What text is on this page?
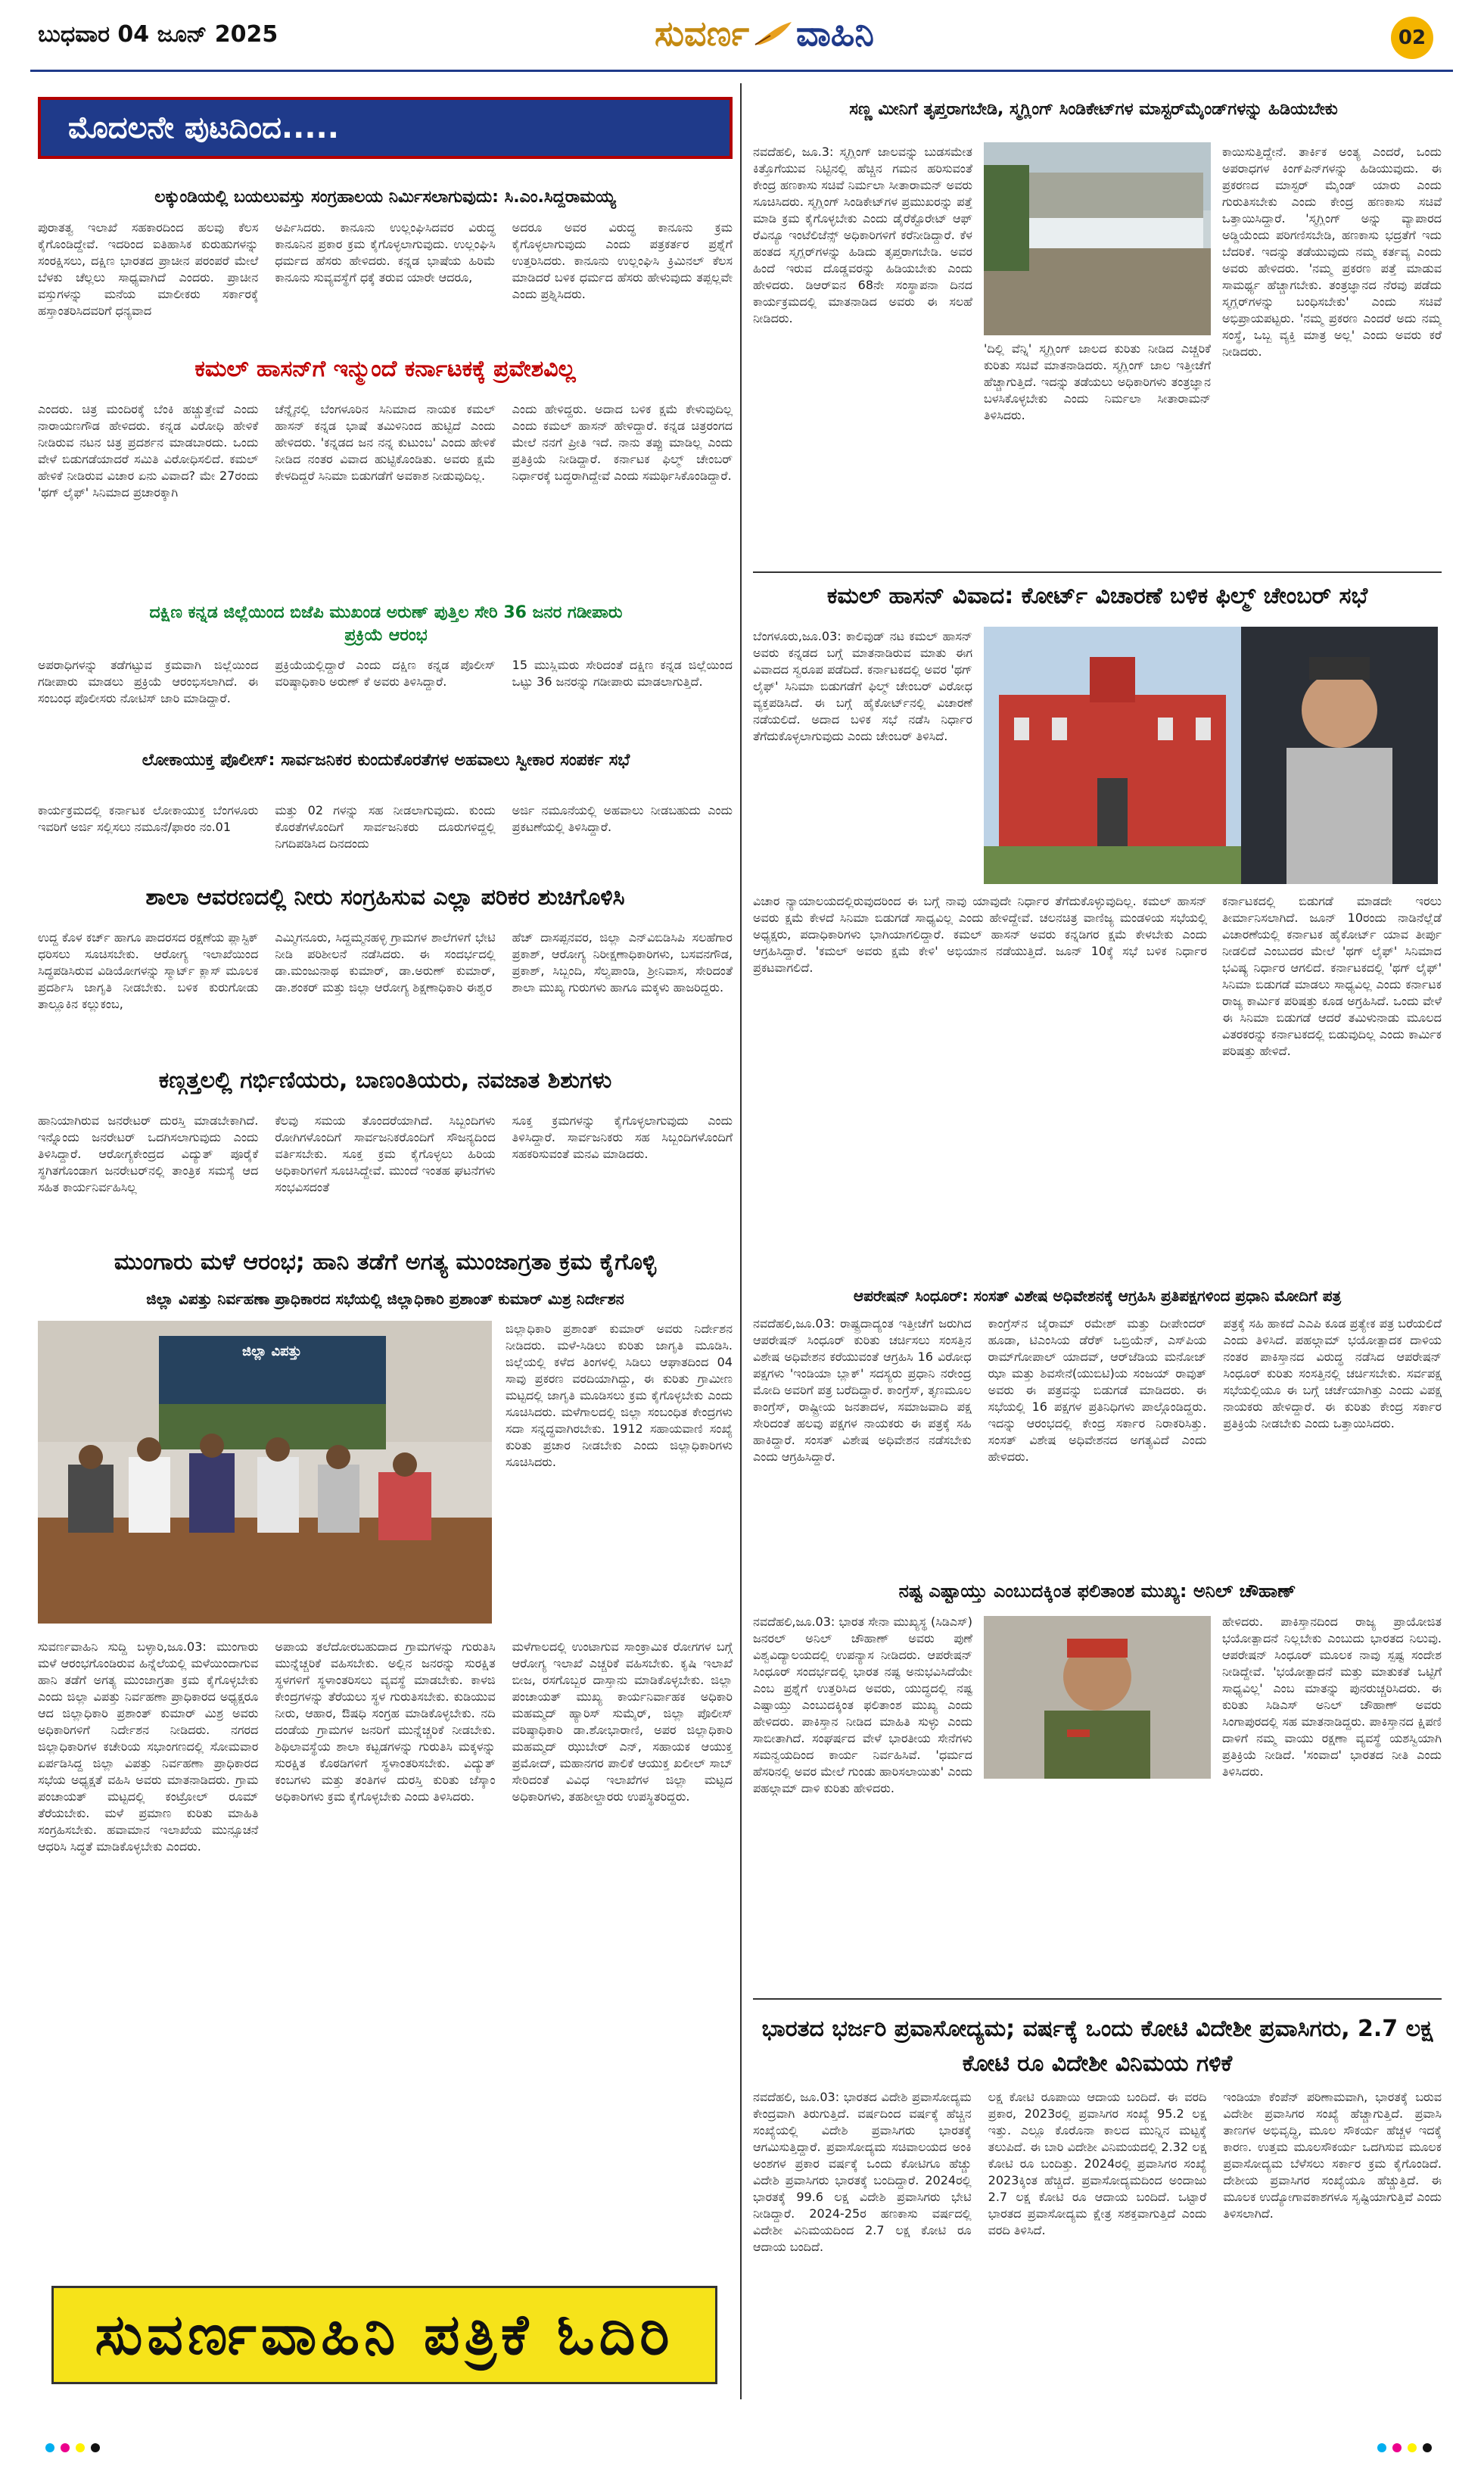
ಬುಧವಾರ 04 ಜೂನ್ 2025	ಸುವರ್ಣ ವಾಹಿನಿ	02
ಮೊದಲನೇ ಪುಟದಿಂದ.....
ಲಕ್ಕುಂಡಿಯಲ್ಲಿ ಬಯಲುವಸ್ತು ಸಂಗ್ರಹಾಲಯ ನಿರ್ಮಿಸಲಾಗುವುದು: ಸಿ.ಎಂ.ಸಿದ್ದರಾಮಯ್ಯ
ಪುರಾತತ್ವ ಇಲಾಖೆ ಸಹಕಾರದಿಂದ ಹಲವು ಕೆಲಸ ಕೈಗೊಂಡಿದ್ದೇವೆ. ಇದರಿಂದ ಐತಿಹಾಸಿಕ ಕುರುಹುಗಳನ್ನು ಸಂರಕ್ಷಿಸಲು, ದಕ್ಷಿಣ ಭಾರತದ ಪ್ರಾಚೀನ ಪರಂಪರೆ ಮೇಲೆ ಬೆಳಕು ಚೆಲ್ಲಲು ಸಾಧ್ಯವಾಗಿದೆ ಎಂದರು. ಪ್ರಾಚೀನ ವಸ್ತುಗಳನ್ನು ಮನೆಯ ಮಾಲೀಕರು ಸರ್ಕಾರಕ್ಕೆ ಹಸ್ತಾಂತರಿಸಿದವರಿಗೆ ಧನ್ಯವಾದ
ಅರ್ಪಿಸಿದರು. ಕಾನೂನು ಉಲ್ಲಂಘಿಸಿದವರ ವಿರುದ್ಧ ಕಾನೂನಿನ ಪ್ರಕಾರ ಕ್ರಮ ಕೈಗೊಳ್ಳಲಾಗುವುದು. ಉಲ್ಲಂಘಿಸಿ ಧರ್ಮದ ಹೆಸರು ಹೇಳಿದರು. ಕನ್ನಡ ಭಾಷೆಯ ಹಿರಿಮೆ ಕಾನೂನು ಸುವ್ಯವಸ್ಥೆಗೆ ಧಕ್ಕೆ ತರುವ ಯಾರೇ ಆದರೂ,
ಅದರೂ ಅವರ ವಿರುದ್ಧ ಕಾನೂನು ಕ್ರಮ ಕೈಗೊಳ್ಳಲಾಗುವುದು ಎಂದು ಪತ್ರಕರ್ತರ ಪ್ರಶ್ನೆಗೆ ಉತ್ತರಿಸಿದರು. ಕಾನೂನು ಉಲ್ಲಂಘಿಸಿ ಕ್ರಿಮಿನಲ್ ಕೆಲಸ ಮಾಡಿದರೆ ಬಳಿಕ ಧರ್ಮದ ಹೆಸರು ಹೇಳುವುದು ತಪ್ಪಲ್ಲವೇ ಎಂದು ಪ್ರಶ್ನಿಸಿದರು.
ಕಮಲ್ ಹಾಸನ್‌ಗೆ ಇನ್ಮುಂದೆ ಕರ್ನಾಟಕಕ್ಕೆ ಪ್ರವೇಶವಿಲ್ಲ
ಎಂದರು. ಚಿತ್ರ ಮಂದಿರಕ್ಕೆ ಬೆಂಕಿ ಹಚ್ಚುತ್ತೇವೆ ಎಂದು ನಾರಾಯಣಗೌಡ ಹೇಳಿದರು. ಕನ್ನಡ ವಿರೋಧಿ ಹೇಳಿಕೆ ನೀಡಿರುವ ನಟನ ಚಿತ್ರ ಪ್ರದರ್ಶನ ಮಾಡಬಾರದು. ಒಂದು ವೇಳೆ ಬಿಡುಗಡೆಯಾದರೆ ಸಮಿತಿ ವಿರೋಧಿಸಲಿದೆ. ಕಮಲ್ ಹೇಳಿಕೆ ನೀಡಿರುವ ವಿಚಾರ ಏನು ವಿವಾದ? ಮೇ 27ರಂದು 'ಥಗ್ ಲೈಫ್' ಸಿನಿಮಾದ ಪ್ರಚಾರಕ್ಕಾಗಿ
ಚೆನ್ನೈನಲ್ಲಿ ಬೆಂಗಳೂರಿನ ಸಿನಿಮಾದ ನಾಯಕ ಕಮಲ್ ಹಾಸನ್ ಕನ್ನಡ ಭಾಷೆ ತಮಿಳಿನಿಂದ ಹುಟ್ಟಿದೆ ಎಂದು ಹೇಳಿದರು. 'ಕನ್ನಡದ ಜನ ನನ್ನ ಕುಟುಂಬ' ಎಂದು ಹೇಳಿಕೆ ನೀಡಿದ ನಂತರ ವಿವಾದ ಹುಟ್ಟಿಕೊಂಡಿತು. ಅವರು ಕ್ಷಮೆ ಕೇಳದಿದ್ದರೆ ಸಿನಿಮಾ ಬಿಡುಗಡೆಗೆ ಅವಕಾಶ ನೀಡುವುದಿಲ್ಲ.
ಎಂದು ಹೇಳಿದ್ದರು. ಅದಾದ ಬಳಿಕ ಕ್ಷಮೆ ಕೇಳುವುದಿಲ್ಲ ಎಂದು ಕಮಲ್ ಹಾಸನ್ ಹೇಳಿದ್ದಾರೆ. ಕನ್ನಡ ಚಿತ್ರರಂಗದ ಮೇಲೆ ನನಗೆ ಪ್ರೀತಿ ಇದೆ. ನಾನು ತಪ್ಪು ಮಾಡಿಲ್ಲ ಎಂದು ಪ್ರತಿಕ್ರಿಯೆ ನೀಡಿದ್ದಾರೆ. ಕರ್ನಾಟಕ ಫಿಲ್ಮ್ ಚೇಂಬರ್ ನಿರ್ಧಾರಕ್ಕೆ ಬದ್ಧರಾಗಿದ್ದೇವೆ ಎಂದು ಸಮರ್ಥಿಸಿಕೊಂಡಿದ್ದಾರೆ.
ದಕ್ಷಿಣ ಕನ್ನಡ ಜಿಲ್ಲೆಯಿಂದ ಬಿಜೆಪಿ ಮುಖಂಡ ಅರುಣ್ ಪುತ್ತಿಲ ಸೇರಿ 36 ಜನರ ಗಡೀಪಾರು ಪ್ರಕ್ರಿಯೆ ಆರಂಭ
ಅಪರಾಧಿಗಳನ್ನು ತಡೆಗಟ್ಟುವ ಕ್ರಮವಾಗಿ ಜಿಲ್ಲೆಯಿಂದ ಗಡೀಪಾರು ಮಾಡಲು ಪ್ರಕ್ರಿಯೆ ಆರಂಭಿಸಲಾಗಿದೆ. ಈ ಸಂಬಂಧ ಪೊಲೀಸರು ನೋಟಿಸ್ ಜಾರಿ ಮಾಡಿದ್ದಾರೆ.
ಪ್ರಕ್ರಿಯೆಯಲ್ಲಿದ್ದಾರೆ ಎಂದು ದಕ್ಷಿಣ ಕನ್ನಡ ಪೊಲೀಸ್ ವರಿಷ್ಠಾಧಿಕಾರಿ ಅರುಣ್ ಕೆ ಅವರು ತಿಳಿಸಿದ್ದಾರೆ.
15 ಮುಸ್ಲಿಮರು ಸೇರಿದಂತೆ ದಕ್ಷಿಣ ಕನ್ನಡ ಜಿಲ್ಲೆಯಿಂದ ಒಟ್ಟು 36 ಜನರನ್ನು ಗಡೀಪಾರು ಮಾಡಲಾಗುತ್ತಿದೆ.
ಲೋಕಾಯುಕ್ತ ಪೊಲೀಸ್: ಸಾರ್ವಜನಿಕರ ಕುಂದುಕೊರತೆಗಳ ಅಹವಾಲು ಸ್ವೀಕಾರ ಸಂಪರ್ಕ ಸಭೆ
ಕಾರ್ಯಕ್ರಮದಲ್ಲಿ ಕರ್ನಾಟಕ ಲೋಕಾಯುಕ್ತ ಬೆಂಗಳೂರು ಇವರಿಗೆ ಅರ್ಜಿ ಸಲ್ಲಿಸಲು ನಮೂನೆ/ಫಾರಂ ನಂ.01
ಮತ್ತು 02 ಗಳನ್ನು ಸಹ ನೀಡಲಾಗುವುದು. ಕುಂದು ಕೊರತೆಗಳೊಂದಿಗೆ ಸಾರ್ವಜನಿಕರು ದೂರುಗಳಿದ್ದಲ್ಲಿ ನಿಗದಿಪಡಿಸಿದ ದಿನದಂದು
ಅರ್ಜಿ ನಮೂನೆಯಲ್ಲಿ ಅಹವಾಲು ನೀಡಬಹುದು ಎಂದು ಪ್ರಕಟಣೆಯಲ್ಲಿ ತಿಳಿಸಿದ್ದಾರೆ.
ಶಾಲಾ ಆವರಣದಲ್ಲಿ ನೀರು ಸಂಗ್ರಹಿಸುವ ಎಲ್ಲಾ ಪರಿಕರ ಶುಚಿಗೊಳಿಸಿ
ಉದ್ದ ಕೊಳ ಕರ್ಚ್ ಹಾಗೂ ಪಾದರಸದ ರಕ್ಷಣೆಯ ಪ್ಲಾಸ್ಟಿಕ್ ಧರಿಸಲು ಸೂಚಿಸಬೇಕು. ಆರೋಗ್ಯ ಇಲಾಖೆಯಿಂದ ಸಿದ್ಧಪಡಿಸಿರುವ ವಿಡಿಯೋಗಳನ್ನು ಸ್ಮಾರ್ಟ್ ಕ್ಲಾಸ್ ಮೂಲಕ ಪ್ರದರ್ಶಿಸಿ ಜಾಗೃತಿ ನೀಡಬೇಕು. ಬಳಿಕ ಕುರುಗೋಡು ತಾಲ್ಲೂಕಿನ ಕಲ್ಲುಕಂಬ,
ಎಮ್ಮಿಗನೂರು, ಸಿದ್ದಮ್ಮನಹಳ್ಳಿ ಗ್ರಾಮಗಳ ಶಾಲೆಗಳಿಗೆ ಭೇಟಿ ನೀಡಿ ಪರಿಶೀಲನೆ ನಡೆಸಿದರು. ಈ ಸಂದರ್ಭದಲ್ಲಿ ಡಾ.ಮಂಜುನಾಥ ಕುಮಾರ್, ಡಾ.ಅರುಣ್ ಕುಮಾರ್, ಡಾ.ಶಂಕರ್ ಮತ್ತು ಜಿಲ್ಲಾ ಆರೋಗ್ಯ ಶಿಕ್ಷಣಾಧಿಕಾರಿ ಈಶ್ವರ
ಹೆಚ್ ದಾಸಪ್ಪನವರ, ಜಿಲ್ಲಾ ಎನ್‌ವಿಬಿಡಿಸಿಪಿ ಸಲಹೆಗಾರ ಪ್ರಕಾಶ್, ಆರೋಗ್ಯ ನಿರೀಕ್ಷಣಾಧಿಕಾರಿಗಳು, ಬಸವನಗೌಡ, ಪ್ರಕಾಶ್, ಸಿಬ್ಬಂದಿ, ಸೆಲ್ವಪಾಂಡಿ, ಶ್ರೀನಿವಾಸ, ಸೇರಿದಂತೆ ಶಾಲಾ ಮುಖ್ಯ ಗುರುಗಳು ಹಾಗೂ ಮಕ್ಕಳು ಹಾಜರಿದ್ದರು.
ಕಣ್ಗತ್ತಲಲ್ಲಿ ಗರ್ಭಿಣಿಯರು, ಬಾಣಂತಿಯರು, ನವಜಾತ ಶಿಶುಗಳು
ಹಾನಿಯಾಗಿರುವ ಜನರೇಟರ್ ದುರಸ್ತಿ ಮಾಡಬೇಕಾಗಿದೆ. ಇನ್ನೊಂದು ಜನರೇಟರ್ ಒದಗಿಸಲಾಗುವುದು ಎಂದು ತಿಳಿಸಿದ್ದಾರೆ. ಆರೋಗ್ಯಕೇಂದ್ರದ ವಿದ್ಯುತ್ ಪೂರೈಕೆ ಸ್ಥಗಿತಗೊಂಡಾಗ ಜನರೇಟರ್‌ನಲ್ಲಿ ತಾಂತ್ರಿಕ ಸಮಸ್ಯೆ ಆದ ಸಹಿತ ಕಾರ್ಯನಿರ್ವಹಿಸಿಲ್ಲ
ಕೆಲವು ಸಮಯ ತೊಂದರೆಯಾಗಿದೆ. ಸಿಬ್ಬಂದಿಗಳು ರೋಗಿಗಳೊಂದಿಗೆ ಸಾರ್ವಜನಿಕರೊಂದಿಗೆ ಸೌಜನ್ಯದಿಂದ ವರ್ತಿಸಬೇಕು. ಸೂಕ್ತ ಕ್ರಮ ಕೈಗೊಳ್ಳಲು ಹಿರಿಯ ಅಧಿಕಾರಿಗಳಿಗೆ ಸೂಚಿಸಿದ್ದೇವೆ. ಮುಂದೆ ಇಂತಹ ಘಟನೆಗಳು ಸಂಭವಿಸದಂತೆ
ಸೂಕ್ತ ಕ್ರಮಗಳನ್ನು ಕೈಗೊಳ್ಳಲಾಗುವುದು ಎಂದು ತಿಳಿಸಿದ್ದಾರೆ. ಸಾರ್ವಜನಿಕರು ಸಹ ಸಿಬ್ಬಂದಿಗಳೊಂದಿಗೆ ಸಹಕರಿಸುವಂತೆ ಮನವಿ ಮಾಡಿದರು.
ಮುಂಗಾರು ಮಳೆ ಆರಂಭ; ಹಾನಿ ತಡೆಗೆ ಅಗತ್ಯ ಮುಂಜಾಗ್ರತಾ ಕ್ರಮ ಕೈಗೊಳ್ಳಿ
ಜಿಲ್ಲಾ ವಿಪತ್ತು ನಿರ್ವಹಣಾ ಪ್ರಾಧಿಕಾರದ ಸಭೆಯಲ್ಲಿ ಜಿಲ್ಲಾಧಿಕಾರಿ ಪ್ರಶಾಂತ್ ಕುಮಾರ್ ಮಿಶ್ರ ನಿರ್ದೇಶನ
ಜಿಲ್ಲಾ ವಿಪತ್ತು
ಜಿಲ್ಲಾಧಿಕಾರಿ ಪ್ರಶಾಂತ್ ಕುಮಾರ್ ಅವರು ನಿರ್ದೇಶನ ನೀಡಿದರು. ಮಳೆ-ಸಿಡಿಲು ಕುರಿತು ಜಾಗೃತಿ ಮೂಡಿಸಿ. ಜಿಲ್ಲೆಯಲ್ಲಿ ಕಳೆದ ತಿಂಗಳಲ್ಲಿ ಸಿಡಿಲು ಆಘಾತದಿಂದ 04 ಸಾವು ಪ್ರಕರಣ ವರದಿಯಾಗಿದ್ದು, ಈ ಕುರಿತು ಗ್ರಾಮೀಣ ಮಟ್ಟದಲ್ಲಿ ಜಾಗೃತಿ ಮೂಡಿಸಲು ಕ್ರಮ ಕೈಗೊಳ್ಳಬೇಕು ಎಂದು ಸೂಚಿಸಿದರು. ಮಳೆಗಾಲದಲ್ಲಿ ಜಿಲ್ಲಾ ಸಂಬಂಧಿತ ಕೇಂದ್ರಗಳು ಸದಾ ಸನ್ನದ್ಧವಾಗಿರಬೇಕು. 1912 ಸಹಾಯವಾಣಿ ಸಂಖ್ಯೆ ಕುರಿತು ಪ್ರಚಾರ ನೀಡಬೇಕು ಎಂದು ಜಿಲ್ಲಾಧಿಕಾರಿಗಳು ಸೂಚಿಸಿದರು.
ಸುವರ್ಣವಾಹಿನಿ ಸುದ್ದಿ ಬಳ್ಳಾರಿ,ಜೂ.03: ಮುಂಗಾರು ಮಳೆ ಆರಂಭಗೊಂಡಿರುವ ಹಿನ್ನೆಲೆಯಲ್ಲಿ ಮಳೆಯಿಂದಾಗುವ ಹಾನಿ ತಡೆಗೆ ಅಗತ್ಯ ಮುಂಜಾಗ್ರತಾ ಕ್ರಮ ಕೈಗೊಳ್ಳಬೇಕು ಎಂದು ಜಿಲ್ಲಾ ವಿಪತ್ತು ನಿರ್ವಹಣಾ ಪ್ರಾಧಿಕಾರದ ಅಧ್ಯಕ್ಷರೂ ಆದ ಜಿಲ್ಲಾಧಿಕಾರಿ ಪ್ರಶಾಂತ್ ಕುಮಾರ್ ಮಿಶ್ರ ಅವರು ಅಧಿಕಾರಿಗಳಿಗೆ ನಿರ್ದೇಶನ ನೀಡಿದರು. ನಗರದ ಜಿಲ್ಲಾಧಿಕಾರಿಗಳ ಕಚೇರಿಯ ಸಭಾಂಗಣದಲ್ಲಿ ಸೋಮವಾರ ಏರ್ಪಡಿಸಿದ್ದ ಜಿಲ್ಲಾ ವಿಪತ್ತು ನಿರ್ವಹಣಾ ಪ್ರಾಧಿಕಾರದ ಸಭೆಯ ಅಧ್ಯಕ್ಷತೆ ವಹಿಸಿ ಅವರು ಮಾತನಾಡಿದರು. ಗ್ರಾಮ ಪಂಚಾಯತ್ ಮಟ್ಟದಲ್ಲಿ ಕಂಟ್ರೋಲ್ ರೂಮ್ ತೆರೆಯಬೇಕು. ಮಳೆ ಪ್ರಮಾಣ ಕುರಿತು ಮಾಹಿತಿ ಸಂಗ್ರಹಿಸಬೇಕು. ಹವಾಮಾನ ಇಲಾಖೆಯ ಮುನ್ಸೂಚನೆ ಆಧರಿಸಿ ಸಿದ್ಧತೆ ಮಾಡಿಕೊಳ್ಳಬೇಕು ಎಂದರು.
ಅಪಾಯ ತಲೆದೋರಬಹುದಾದ ಗ್ರಾಮಗಳನ್ನು ಗುರುತಿಸಿ ಮುನ್ನೆಚ್ಚರಿಕೆ ವಹಿಸಬೇಕು. ಅಲ್ಲಿನ ಜನರನ್ನು ಸುರಕ್ಷಿತ ಸ್ಥಳಗಳಿಗೆ ಸ್ಥಳಾಂತರಿಸಲು ವ್ಯವಸ್ಥೆ ಮಾಡಬೇಕು. ಕಾಳಜಿ ಕೇಂದ್ರಗಳನ್ನು ತೆರೆಯಲು ಸ್ಥಳ ಗುರುತಿಸಬೇಕು. ಕುಡಿಯುವ ನೀರು, ಆಹಾರ, ಔಷಧಿ ಸಂಗ್ರಹ ಮಾಡಿಕೊಳ್ಳಬೇಕು. ನದಿ ದಂಡೆಯ ಗ್ರಾಮಗಳ ಜನರಿಗೆ ಮುನ್ನೆಚ್ಚರಿಕೆ ನೀಡಬೇಕು. ಶಿಥಿಲಾವಸ್ಥೆಯ ಶಾಲಾ ಕಟ್ಟಡಗಳನ್ನು ಗುರುತಿಸಿ ಮಕ್ಕಳನ್ನು ಸುರಕ್ಷಿತ ಕೊಠಡಿಗಳಿಗೆ ಸ್ಥಳಾಂತರಿಸಬೇಕು. ವಿದ್ಯುತ್ ಕಂಬಗಳು ಮತ್ತು ತಂತಿಗಳ ದುರಸ್ತಿ ಕುರಿತು ಜೆಸ್ಕಾಂ ಅಧಿಕಾರಿಗಳು ಕ್ರಮ ಕೈಗೊಳ್ಳಬೇಕು ಎಂದು ತಿಳಿಸಿದರು.
ಮಳೆಗಾಲದಲ್ಲಿ ಉಂಟಾಗುವ ಸಾಂಕ್ರಾಮಿಕ ರೋಗಗಳ ಬಗ್ಗೆ ಆರೋಗ್ಯ ಇಲಾಖೆ ಎಚ್ಚರಿಕೆ ವಹಿಸಬೇಕು. ಕೃಷಿ ಇಲಾಖೆ ಬೀಜ, ರಸಗೊಬ್ಬರ ದಾಸ್ತಾನು ಮಾಡಿಕೊಳ್ಳಬೇಕು. ಜಿಲ್ಲಾ ಪಂಚಾಯತ್ ಮುಖ್ಯ ಕಾರ್ಯನಿರ್ವಾಹಕ ಅಧಿಕಾರಿ ಮಹಮ್ಮದ್ ಹ್ಯಾರಿಸ್ ಸುಮೈರ್, ಜಿಲ್ಲಾ ಪೊಲೀಸ್ ವರಿಷ್ಠಾಧಿಕಾರಿ ಡಾ.ಶೋಭಾರಾಣಿ, ಅಪರ ಜಿಲ್ಲಾಧಿಕಾರಿ ಮಹಮ್ಮದ್ ಝುಬೇರ್ ಎನ್, ಸಹಾಯಕ ಆಯುಕ್ತ ಪ್ರಮೋದ್, ಮಹಾನಗರ ಪಾಲಿಕೆ ಆಯುಕ್ತ ಖಲೀಲ್ ಸಾಬ್ ಸೇರಿದಂತೆ ವಿವಿಧ ಇಲಾಖೆಗಳ ಜಿಲ್ಲಾ ಮಟ್ಟದ ಅಧಿಕಾರಿಗಳು, ತಹಶೀಲ್ದಾರರು ಉಪಸ್ಥಿತರಿದ್ದರು.
ಸುವರ್ಣವಾಹಿನಿ ಪತ್ರಿಕೆ ಓದಿರಿ
ಸಣ್ಣ ಮೀನಿಗೆ ತೃಪ್ತರಾಗಬೇಡಿ, ಸ್ಮಗ್ಲಿಂಗ್ ಸಿಂಡಿಕೇಟ್‌ಗಳ ಮಾಸ್ಟರ್‌ಮೈಂಡ್‌ಗಳನ್ನು ಹಿಡಿಯಬೇಕು
ನವದೆಹಲಿ, ಜೂ.3: ಸ್ಮಗ್ಲಿಂಗ್ ಜಾಲವನ್ನು ಬುಡಸಮೇತ ಕಿತ್ತೊಗೆಯುವ ನಿಟ್ಟಿನಲ್ಲಿ ಹೆಚ್ಚಿನ ಗಮನ ಹರಿಸುವಂತೆ ಕೇಂದ್ರ ಹಣಕಾಸು ಸಚಿವೆ ನಿರ್ಮಲಾ ಸೀತಾರಾಮನ್ ಅವರು ಸೂಚಿಸಿದರು. ಸ್ಮಗ್ಲಿಂಗ್ ಸಿಂಡಿಕೇಟ್‌ಗಳ ಪ್ರಮುಖರನ್ನು ಪತ್ತೆ ಮಾಡಿ ಕ್ರಮ ಕೈಗೊಳ್ಳಬೇಕು ಎಂದು ಡೈರೆಕ್ಟೊರೇಟ್ ಆಫ್ ರೆವಿನ್ಯೂ ಇಂಟೆಲಿಜೆನ್ಸ್ ಅಧಿಕಾರಿಗಳಿಗೆ ಕರೆನೀಡಿದ್ದಾರೆ. ಕೆಳ ಹಂತದ ಸ್ಮಗ್ಲರ್‌ಗಳನ್ನು ಹಿಡಿದು ತೃಪ್ತರಾಗಬೇಡಿ. ಅವರ ಹಿಂದೆ ಇರುವ ದೊಡ್ಡವರನ್ನು ಹಿಡಿಯಬೇಕು ಎಂದು ಹೇಳಿದರು. ಡಿಆರ್‌ಐನ 68ನೇ ಸಂಸ್ಥಾಪನಾ ದಿನದ ಕಾರ್ಯಕ್ರಮದಲ್ಲಿ ಮಾತನಾಡಿದ ಅವರು ಈ ಸಲಹೆ ನೀಡಿದರು.
'ದಿಲ್ಲಿ ವೆನ್ನಿ' ಸ್ಮಗ್ಲಿಂಗ್ ಜಾಲದ ಕುರಿತು ನೀಡಿದ ಎಚ್ಚರಿಕೆ ಕುರಿತು ಸಚಿವೆ ಮಾತನಾಡಿದರು. ಸ್ಮಗ್ಲಿಂಗ್ ಜಾಲ ಇತ್ತೀಚೆಗೆ ಹೆಚ್ಚಾಗುತ್ತಿದೆ. ಇದನ್ನು ತಡೆಯಲು ಅಧಿಕಾರಿಗಳು ತಂತ್ರಜ್ಞಾನ ಬಳಸಿಕೊಳ್ಳಬೇಕು ಎಂದು ನಿರ್ಮಲಾ ಸೀತಾರಾಮನ್ ತಿಳಿಸಿದರು.
ಕಾಯಿಸುತ್ತಿದ್ದೇನೆ. ತಾರ್ಕಿಕ ಅಂತ್ಯ ಎಂದರೆ, ಒಂದು ಅಪರಾಧಗಳ ಕಿಂಗ್‌ಪಿನ್‌ಗಳನ್ನು ಹಿಡಿಯುವುದು. ಈ ಪ್ರಕರಣದ ಮಾಸ್ಟರ್ ಮೈಂಡ್ ಯಾರು ಎಂದು ಗುರುತಿಸಬೇಕು ಎಂದು ಕೇಂದ್ರ ಹಣಕಾಸು ಸಚಿವೆ ಒತ್ತಾಯಿಸಿದ್ದಾರೆ. 'ಸ್ಮಗ್ಲಿಂಗ್ ಅನ್ನು ವ್ಯಾಪಾರದ ಅಡ್ಡಿಯೆಂದು ಪರಿಗಣಿಸಬೇಡಿ, ಹಣಕಾಸು ಭದ್ರತೆಗೆ ಇದು ಬೆದರಿಕೆ. ಇದನ್ನು ತಡೆಯುವುದು ನಮ್ಮ ಕರ್ತವ್ಯ ಎಂದು ಅವರು ಹೇಳಿದರು. 'ನಮ್ಮ ಪ್ರಕರಣ ಪತ್ತೆ ಮಾಡುವ ಸಾಮರ್ಥ್ಯ ಹೆಚ್ಚಾಗಬೇಕು. ತಂತ್ರಜ್ಞಾನದ ನೆರವು ಪಡೆದು ಸ್ಮಗ್ಲರ್‌ಗಳನ್ನು ಬಂಧಿಸಬೇಕು' ಎಂದು ಸಚಿವೆ ಅಭಿಪ್ರಾಯಪಟ್ಟರು. 'ನಮ್ಮ ಪ್ರಕರಣ ಎಂದರೆ ಅದು ನಮ್ಮ ಸಂಸ್ಥೆ, ಒಬ್ಬ ವ್ಯಕ್ತಿ ಮಾತ್ರ ಅಲ್ಲ' ಎಂದು ಅವರು ಕರೆ ನೀಡಿದರು.
ಕಮಲ್ ಹಾಸನ್ ವಿವಾದ: ಕೋರ್ಟ್ ವಿಚಾರಣೆ ಬಳಿಕ ಫಿಲ್ಮ್ ಚೇಂಬರ್ ಸಭೆ
ಬೆಂಗಳೂರು,ಜೂ.03: ಕಾಲಿವುಡ್ ನಟ ಕಮಲ್ ಹಾಸನ್ ಅವರು ಕನ್ನಡದ ಬಗ್ಗೆ ಮಾತನಾಡಿರುವ ಮಾತು ಈಗ ವಿವಾದದ ಸ್ವರೂಪ ಪಡೆದಿದೆ. ಕರ್ನಾಟಕದಲ್ಲಿ ಅವರ 'ಥಗ್ ಲೈಫ್' ಸಿನಿಮಾ ಬಿಡುಗಡೆಗೆ ಫಿಲ್ಮ್ ಚೇಂಬರ್ ವಿರೋಧ ವ್ಯಕ್ತಪಡಿಸಿದೆ. ಈ ಬಗ್ಗೆ ಹೈಕೋರ್ಟ್‌ನಲ್ಲಿ ವಿಚಾರಣೆ ನಡೆಯಲಿದೆ. ಅದಾದ ಬಳಿಕ ಸಭೆ ನಡೆಸಿ ನಿರ್ಧಾರ ತೆಗೆದುಕೊಳ್ಳಲಾಗುವುದು ಎಂದು ಚೇಂಬರ್ ತಿಳಿಸಿದೆ.
ವಿಚಾರ ನ್ಯಾಯಾಲಯದಲ್ಲಿರುವುದರಿಂದ ಈ ಬಗ್ಗೆ ನಾವು ಯಾವುದೇ ನಿರ್ಧಾರ ತೆಗೆದುಕೊಳ್ಳುವುದಿಲ್ಲ. ಕಮಲ್ ಹಾಸನ್ ಅವರು ಕ್ಷಮೆ ಕೇಳದೆ ಸಿನಿಮಾ ಬಿಡುಗಡೆ ಸಾಧ್ಯವಿಲ್ಲ ಎಂದು ಹೇಳಿದ್ದೇವೆ. ಚಲನಚಿತ್ರ ವಾಣಿಜ್ಯ ಮಂಡಳಿಯ ಸಭೆಯಲ್ಲಿ ಅಧ್ಯಕ್ಷರು, ಪದಾಧಿಕಾರಿಗಳು ಭಾಗಿಯಾಗಲಿದ್ದಾರೆ. ಕಮಲ್ ಹಾಸನ್ ಅವರು ಕನ್ನಡಿಗರ ಕ್ಷಮೆ ಕೇಳಬೇಕು ಎಂದು ಆಗ್ರಹಿಸಿದ್ದಾರೆ. 'ಕಮಲ್ ಅವರು ಕ್ಷಮೆ ಕೇಳಿ' ಅಭಿಯಾನ ನಡೆಯುತ್ತಿದೆ. ಜೂನ್ 10ಕ್ಕೆ ಸಭೆ ಬಳಿಕ ನಿರ್ಧಾರ ಪ್ರಕಟವಾಗಲಿದೆ.
ಕರ್ನಾಟಕದಲ್ಲಿ ಬಿಡುಗಡೆ ಮಾಡದೇ ಇರಲು ತೀರ್ಮಾನಿಸಲಾಗಿದೆ. ಜೂನ್ 10ರಂದು ನಾಡಿನೆಲ್ಲೆಡೆ ವಿಚಾರಣೆಯಲ್ಲಿ ಕರ್ನಾಟಕ ಹೈಕೋರ್ಟ್ ಯಾವ ತೀರ್ಪು ನೀಡಲಿದೆ ಎಂಬುದರ ಮೇಲೆ 'ಥಗ್ ಲೈಫ್' ಸಿನಿಮಾದ ಭವಿಷ್ಯ ನಿರ್ಧಾರ ಆಗಲಿದೆ. ಕರ್ನಾಟಕದಲ್ಲಿ 'ಥಗ್ ಲೈಫ್' ಸಿನಿಮಾ ಬಿಡುಗಡೆ ಮಾಡಲು ಸಾಧ್ಯವಿಲ್ಲ ಎಂದು ಕರ್ನಾಟಕ ರಾಜ್ಯ ಕಾರ್ಮಿಕ ಪರಿಷತ್ತು ಕೂಡ ಅಗ್ರಹಿಸಿದೆ. ಒಂದು ವೇಳೆ ಈ ಸಿನಿಮಾ ಬಿಡುಗಡೆ ಆದರೆ ತಮಿಳುನಾಡು ಮೂಲದ ವಿತರಕರನ್ನು ಕರ್ನಾಟಕದಲ್ಲಿ ಬಿಡುವುದಿಲ್ಲ ಎಂದು ಕಾರ್ಮಿಕ ಪರಿಷತ್ತು ಹೇಳಿದೆ.
ಆಪರೇಷನ್ ಸಿಂಧೂರ್: ಸಂಸತ್ ವಿಶೇಷ ಅಧಿವೇಶನಕ್ಕೆ ಆಗ್ರಹಿಸಿ ಪ್ರತಿಪಕ್ಷಗಳಿಂದ ಪ್ರಧಾನಿ ಮೋದಿಗೆ ಪತ್ರ
ನವದೆಹಲಿ,ಜೂ.03: ರಾಷ್ಟ್ರದಾದ್ಯಂತ ಇತ್ತೀಚೆಗೆ ಜರುಗಿದ ಆಪರೇಷನ್ ಸಿಂಧೂರ್ ಕುರಿತು ಚರ್ಚಿಸಲು ಸಂಸತ್ತಿನ ವಿಶೇಷ ಅಧಿವೇಶನ ಕರೆಯುವಂತೆ ಆಗ್ರಹಿಸಿ 16 ವಿರೋಧ ಪಕ್ಷಗಳು 'ಇಂಡಿಯಾ ಬ್ಲಾಕ್' ಸದಸ್ಯರು ಪ್ರಧಾನಿ ನರೇಂದ್ರ ಮೋದಿ ಅವರಿಗೆ ಪತ್ರ ಬರೆದಿದ್ದಾರೆ. ಕಾಂಗ್ರೆಸ್, ತೃಣಮೂಲ ಕಾಂಗ್ರೆಸ್, ರಾಷ್ಟ್ರೀಯ ಜನತಾದಳ, ಸಮಾಜವಾದಿ ಪಕ್ಷ ಸೇರಿದಂತೆ ಹಲವು ಪಕ್ಷಗಳ ನಾಯಕರು ಈ ಪತ್ರಕ್ಕೆ ಸಹಿ ಹಾಕಿದ್ದಾರೆ. ಸಂಸತ್ ವಿಶೇಷ ಅಧಿವೇಶನ ನಡೆಸಬೇಕು ಎಂದು ಆಗ್ರಹಿಸಿದ್ದಾರೆ.
ಕಾಂಗ್ರೆಸ್‌ನ ಜೈರಾಮ್ ರಮೇಶ್ ಮತ್ತು ದೀಪೇಂದರ್ ಹೂಡಾ, ಟಿಎಂಸಿಯ ಡೆರೆಕ್ ಒಬ್ರಿಯೆನ್, ಎಸ್‌ಪಿಯ ರಾಮ್‌ಗೋಪಾಲ್ ಯಾದವ್, ಆರ್‌ಜೆಡಿಯ ಮನೋಜ್ ಝಾ ಮತ್ತು ಶಿವಸೇನೆ(ಯುಬಿಟಿ)ಯ ಸಂಜಯ್ ರಾವುತ್ ಅವರು ಈ ಪತ್ರವನ್ನು ಬಿಡುಗಡೆ ಮಾಡಿದರು. ಈ ಸಭೆಯಲ್ಲಿ 16 ಪಕ್ಷಗಳ ಪ್ರತಿನಿಧಿಗಳು ಪಾಲ್ಗೊಂಡಿದ್ದರು. ಇದನ್ನು ಆರಂಭದಲ್ಲಿ ಕೇಂದ್ರ ಸರ್ಕಾರ ನಿರಾಕರಿಸಿತ್ತು. ಸಂಸತ್ ವಿಶೇಷ ಅಧಿವೇಶನದ ಅಗತ್ಯವಿದೆ ಎಂದು ಹೇಳಿದರು.
ಪತ್ರಕ್ಕೆ ಸಹಿ ಹಾಕದೆ ಎಎಪಿ ಕೂಡ ಪ್ರತ್ಯೇಕ ಪತ್ರ ಬರೆಯಲಿದೆ ಎಂದು ತಿಳಿಸಿದೆ. ಪಹಲ್ಗಾಮ್ ಭಯೋತ್ಪಾದಕ ದಾಳಿಯ ನಂತರ ಪಾಕಿಸ್ತಾನದ ವಿರುದ್ಧ ನಡೆಸಿದ ಆಪರೇಷನ್ ಸಿಂಧೂರ್ ಕುರಿತು ಸಂಸತ್ತಿನಲ್ಲಿ ಚರ್ಚಿಸಬೇಕು. ಸರ್ವಪಕ್ಷ ಸಭೆಯಲ್ಲಿಯೂ ಈ ಬಗ್ಗೆ ಚರ್ಚೆಯಾಗಿತ್ತು ಎಂದು ವಿಪಕ್ಷ ನಾಯಕರು ಹೇಳಿದ್ದಾರೆ. ಈ ಕುರಿತು ಕೇಂದ್ರ ಸರ್ಕಾರ ಪ್ರತಿಕ್ರಿಯೆ ನೀಡಬೇಕು ಎಂದು ಒತ್ತಾಯಿಸಿದರು.
ನಷ್ಟ ಎಷ್ಟಾಯ್ತು ಎಂಬುದಕ್ಕಿಂತ ಫಲಿತಾಂಶ ಮುಖ್ಯ: ಅನಿಲ್ ಚೌಹಾಣ್
ನವದೆಹಲಿ,ಜೂ.03: ಭಾರತ ಸೇನಾ ಮುಖ್ಯಸ್ಥ (ಸಿಡಿಎಸ್) ಜನರಲ್ ಅನಿಲ್ ಚೌಹಾಣ್ ಅವರು ಪುಣೆ ವಿಶ್ವವಿದ್ಯಾಲಯದಲ್ಲಿ ಉಪನ್ಯಾಸ ನೀಡಿದರು. ಆಪರೇಷನ್ ಸಿಂಧೂರ್ ಸಂದರ್ಭದಲ್ಲಿ ಭಾರತ ನಷ್ಟ ಅನುಭವಿಸಿದೆಯೇ ಎಂಬ ಪ್ರಶ್ನೆಗೆ ಉತ್ತರಿಸಿದ ಅವರು, ಯುದ್ಧದಲ್ಲಿ ನಷ್ಟ ಎಷ್ಟಾಯ್ತು ಎಂಬುದಕ್ಕಿಂತ ಫಲಿತಾಂಶ ಮುಖ್ಯ ಎಂದು ಹೇಳಿದರು. ಪಾಕಿಸ್ತಾನ ನೀಡಿದ ಮಾಹಿತಿ ಸುಳ್ಳು ಎಂದು ಸಾಬೀತಾಗಿದೆ. ಸಂಘರ್ಷದ ವೇಳೆ ಭಾರತೀಯ ಸೇನೆಗಳು ಸಮನ್ವಯದಿಂದ ಕಾರ್ಯ ನಿರ್ವಹಿಸಿವೆ. 'ಧರ್ಮದ ಹೆಸರಿನಲ್ಲಿ ಅವರ ಮೇಲೆ ಗುಂಡು ಹಾರಿಸಲಾಯಿತು' ಎಂದು ಪಹಲ್ಗಾಮ್ ದಾಳಿ ಕುರಿತು ಹೇಳಿದರು.
ಹೇಳಿದರು. ಪಾಕಿಸ್ತಾನದಿಂದ ರಾಜ್ಯ ಪ್ರಾಯೋಜಿತ ಭಯೋತ್ಪಾದನೆ ನಿಲ್ಲಬೇಕು ಎಂಬುದು ಭಾರತದ ನಿಲುವು. ಆಪರೇಷನ್ ಸಿಂಧೂರ್ ಮೂಲಕ ನಾವು ಸ್ಪಷ್ಟ ಸಂದೇಶ ನೀಡಿದ್ದೇವೆ. 'ಭಯೋತ್ಪಾದನೆ ಮತ್ತು ಮಾತುಕತೆ ಒಟ್ಟಿಗೆ ಸಾಧ್ಯವಿಲ್ಲ' ಎಂಬ ಮಾತನ್ನು ಪುನರುಚ್ಚರಿಸಿದರು. ಈ ಕುರಿತು ಸಿಡಿಎಸ್ ಅನಿಲ್ ಚೌಹಾಣ್ ಅವರು ಸಿಂಗಾಪುರದಲ್ಲಿ ಸಹ ಮಾತನಾಡಿದ್ದರು. ಪಾಕಿಸ್ತಾನದ ಕ್ಷಿಪಣಿ ದಾಳಿಗೆ ನಮ್ಮ ವಾಯು ರಕ್ಷಣಾ ವ್ಯವಸ್ಥೆ ಯಶಸ್ವಿಯಾಗಿ ಪ್ರತಿಕ್ರಿಯೆ ನೀಡಿದೆ. 'ಸಂವಾದ' ಭಾರತದ ನೀತಿ ಎಂದು ತಿಳಿಸಿದರು.
ಭಾರತದ ಭರ್ಜರಿ ಪ್ರವಾಸೋದ್ಯಮ; ವರ್ಷಕ್ಕೆ ಒಂದು ಕೋಟಿ ವಿದೇಶೀ ಪ್ರವಾಸಿಗರು, 2.7 ಲಕ್ಷ ಕೋಟಿ ರೂ ವಿದೇಶೀ ವಿನಿಮಯ ಗಳಿಕೆ
ನವದೆಹಲಿ, ಜೂ.03: ಭಾರತದ ವಿದೇಶಿ ಪ್ರವಾಸೋದ್ಯಮ ಕೇಂದ್ರವಾಗಿ ತಿರುಗುತ್ತಿದೆ. ವರ್ಷದಿಂದ ವರ್ಷಕ್ಕೆ ಹೆಚ್ಚಿನ ಸಂಖ್ಯೆಯಲ್ಲಿ ವಿದೇಶಿ ಪ್ರವಾಸಿಗರು ಭಾರತಕ್ಕೆ ಆಗಮಿಸುತ್ತಿದ್ದಾರೆ. ಪ್ರವಾಸೋದ್ಯಮ ಸಚಿವಾಲಯದ ಅಂಕಿ ಅಂಶಗಳ ಪ್ರಕಾರ ವರ್ಷಕ್ಕೆ ಒಂದು ಕೋಟಿಗೂ ಹೆಚ್ಚು ವಿದೇಶಿ ಪ್ರವಾಸಿಗರು ಭಾರತಕ್ಕೆ ಬಂದಿದ್ದಾರೆ. 2024ರಲ್ಲಿ ಭಾರತಕ್ಕೆ 99.6 ಲಕ್ಷ ವಿದೇಶಿ ಪ್ರವಾಸಿಗರು ಭೇಟಿ ನೀಡಿದ್ದಾರೆ. 2024-25ರ ಹಣಕಾಸು ವರ್ಷದಲ್ಲಿ ವಿದೇಶೀ ವಿನಿಮಯದಿಂದ 2.7 ಲಕ್ಷ ಕೋಟಿ ರೂ ಆದಾಯ ಬಂದಿದೆ.
ಲಕ್ಷ ಕೋಟಿ ರೂಪಾಯಿ ಆದಾಯ ಬಂದಿದೆ. ಈ ವರದಿ ಪ್ರಕಾರ, 2023ರಲ್ಲಿ ಪ್ರವಾಸಿಗರ ಸಂಖ್ಯೆ 95.2 ಲಕ್ಷ ಇತ್ತು. ಎಲ್ಲೂ ಕೊರೊನಾ ಕಾಲದ ಮುನ್ನಿನ ಮಟ್ಟಕ್ಕೆ ತಲುಪಿದೆ. ಈ ಬಾರಿ ವಿದೇಶೀ ವಿನಿಮಯದಲ್ಲಿ 2.32 ಲಕ್ಷ ಕೋಟಿ ರೂ ಬಂದಿತ್ತು. 2024ರಲ್ಲಿ ಪ್ರವಾಸಿಗರ ಸಂಖ್ಯೆ 2023ಕ್ಕಿಂತ ಹೆಚ್ಚಿದೆ. ಪ್ರವಾಸೋದ್ಯಮದಿಂದ ಅಂದಾಜು 2.7 ಲಕ್ಷ ಕೋಟಿ ರೂ ಆದಾಯ ಬಂದಿದೆ. ಒಟ್ಟಾರೆ ಭಾರತದ ಪ್ರವಾಸೋದ್ಯಮ ಕ್ಷೇತ್ರ ಸಶಕ್ತವಾಗುತ್ತಿದೆ ಎಂದು ವರದಿ ತಿಳಿಸಿದೆ.
ಇಂಡಿಯಾ ಕೆಂಪೆನ್ ಪರಿಣಾಮವಾಗಿ, ಭಾರತಕ್ಕೆ ಬರುವ ವಿದೇಶೀ ಪ್ರವಾಸಿಗರ ಸಂಖ್ಯೆ ಹೆಚ್ಚಾಗುತ್ತಿದೆ. ಪ್ರವಾಸಿ ತಾಣಗಳ ಅಭಿವೃದ್ಧಿ, ಮೂಲ ಸೌಕರ್ಯ ಹೆಚ್ಚಳ ಇದಕ್ಕೆ ಕಾರಣ. ಉತ್ತಮ ಮೂಲಸೌಕರ್ಯ ಒದಗಿಸುವ ಮೂಲಕ ಪ್ರವಾಸೋದ್ಯಮ ಬೆಳೆಸಲು ಸರ್ಕಾರ ಕ್ರಮ ಕೈಗೊಂಡಿದೆ. ದೇಶೀಯ ಪ್ರವಾಸಿಗರ ಸಂಖ್ಯೆಯೂ ಹೆಚ್ಚುತ್ತಿದೆ. ಈ ಮೂಲಕ ಉದ್ಯೋಗಾವಕಾಶಗಳೂ ಸೃಷ್ಟಿಯಾಗುತ್ತಿವೆ ಎಂದು ತಿಳಿಸಲಾಗಿದೆ.
